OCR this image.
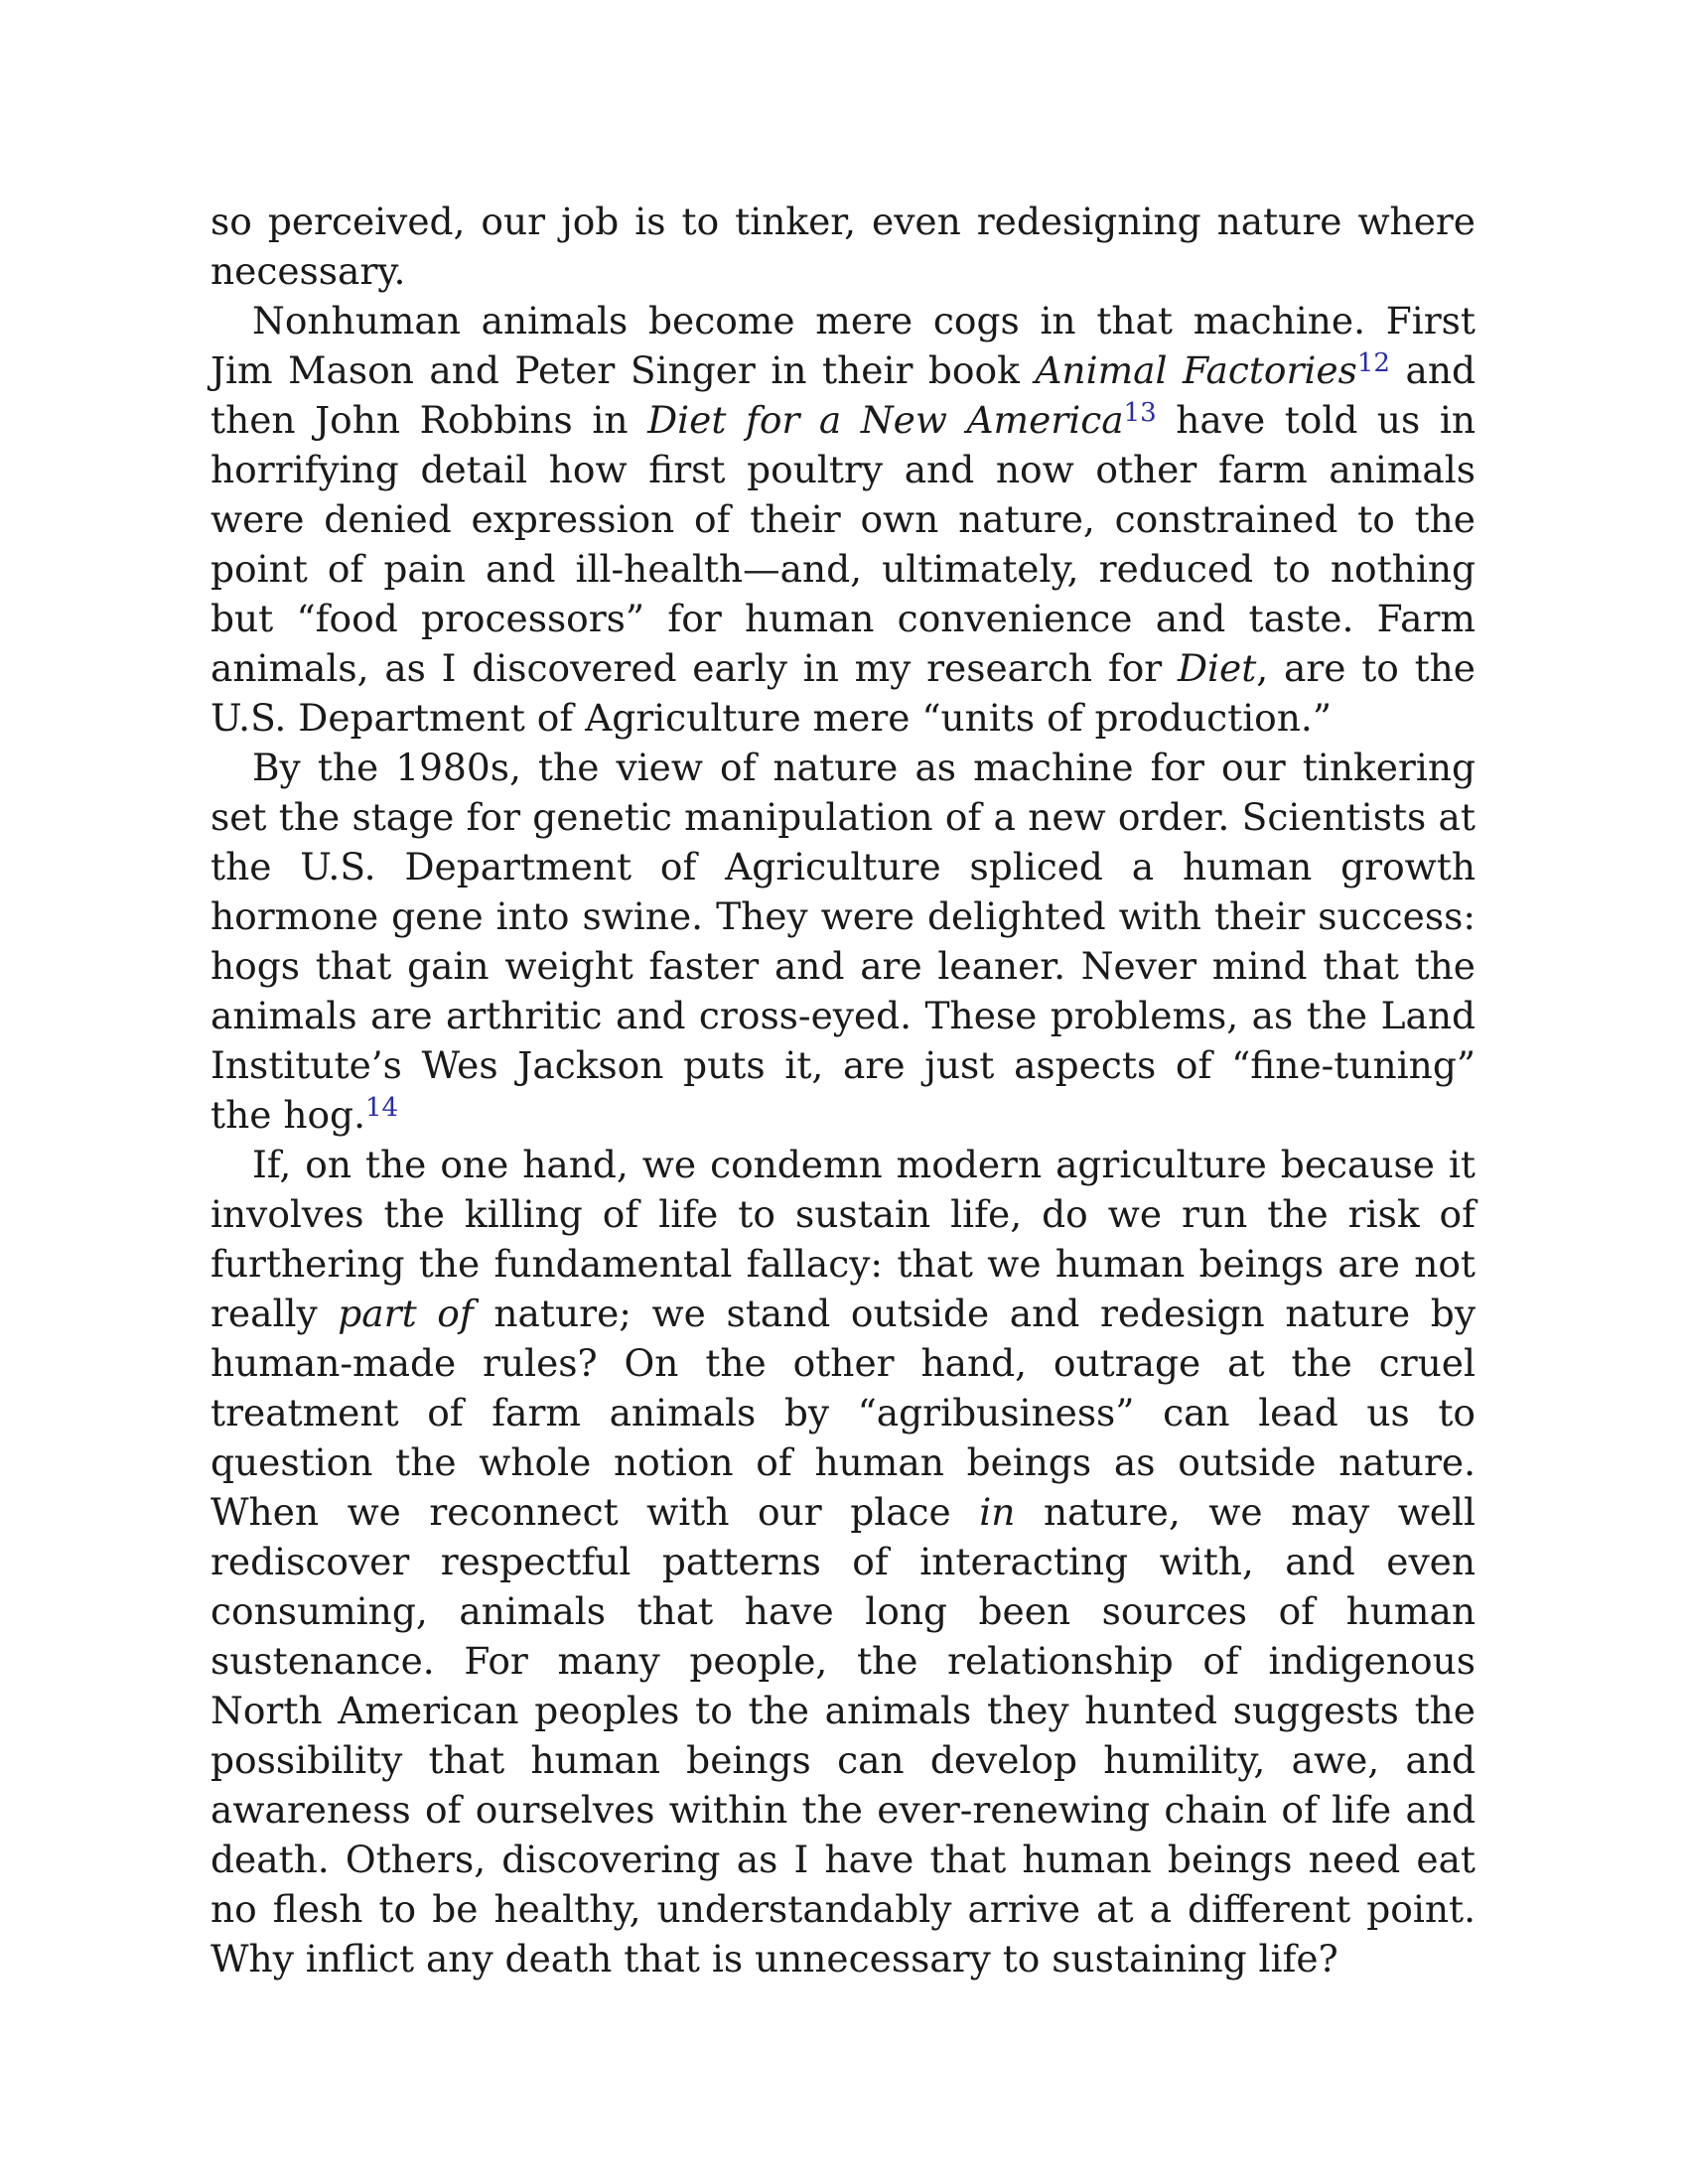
so perceived, our job is to tinker, even redesigning nature where necessary.

Nonhuman animals become mere cogs in that machine. First Jim Mason and Peter Singer in their book Animal Factories$^{12}$ and then John Robbins in Diet for a New America$^{13}$ have told us in horrifying detail how first poultry and now other farm animals were denied expression of their own nature, constrained to the point of pain and ill-health—and, ultimately, reduced to nothing but “food processors” for human convenience and taste. Farm animals, as I discovered early in my research for Diet, are to the U.S. Department of Agriculture mere “units of production.”

By the 1980s, the view of nature as machine for our tinkering set the stage for genetic manipulation of a new order. Scientists at the U.S. Department of Agriculture spliced a human growth hormone gene into swine. They were delighted with their success: hogs that gain weight faster and are leaner. Never mind that the animals are arthritic and cross-eyed. These problems, as the Land Institute’s Wes Jackson puts it, are just aspects of “fine-tuning” the hog.$^{14}$

If, on the one hand, we condemn modern agriculture because it involves the killing of life to sustain life, do we run the risk of furthering the fundamental fallacy: that we human beings are not really part of nature; we stand outside and redesign nature by human-made rules? On the other hand, outrage at the cruel treatment of farm animals by “agribusiness” can lead us to question the whole notion of human beings as outside nature. When we reconnect with our place in nature, we may well rediscover respectful patterns of interacting with, and even consuming, animals that have long been sources of human sustenance. For many people, the relationship of indigenous North American peoples to the animals they hunted suggests the possibility that human beings can develop humility, awe, and awareness of ourselves within the ever-renewing chain of life and death. Others, discovering as I have that human beings need eat no flesh to be healthy, understandably arrive at a different point. Why inflict any death that is unnecessary to sustaining life?
